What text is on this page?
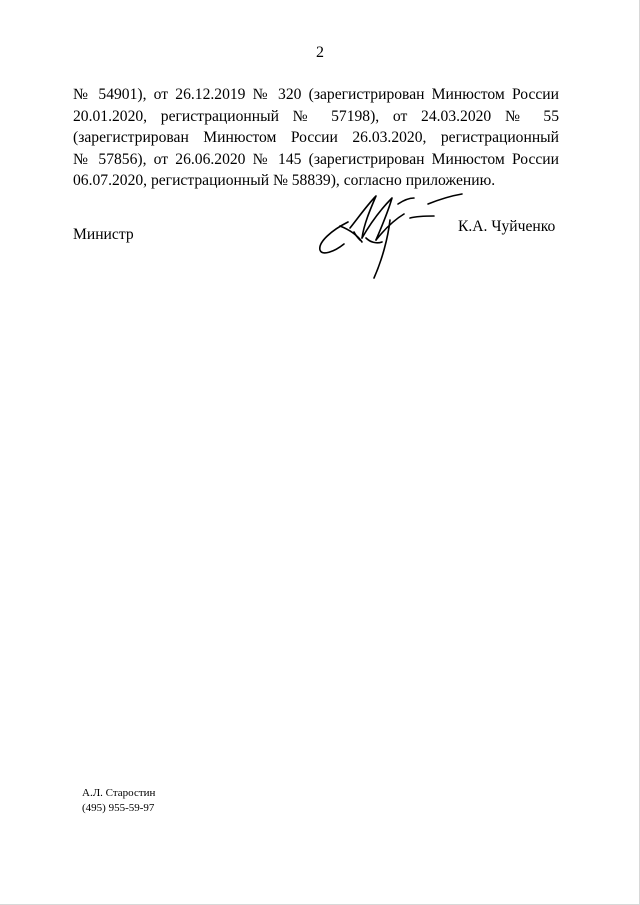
2
№ 54901), от 26.12.2019 № 320 (зарегистрирован Минюстом России
20.01.2020, регистрационный № 57198), от 24.03.2020 № 55
(зарегистрирован Минюстом России 26.03.2020, регистрационный
№ 57856), от 26.06.2020 № 145 (зарегистрирован Минюстом России
06.07.2020, регистрационный № 58839), согласно приложению.
Министр	К.А. Чуйченко
А.Л. Старостин
(495) 955-59-97
